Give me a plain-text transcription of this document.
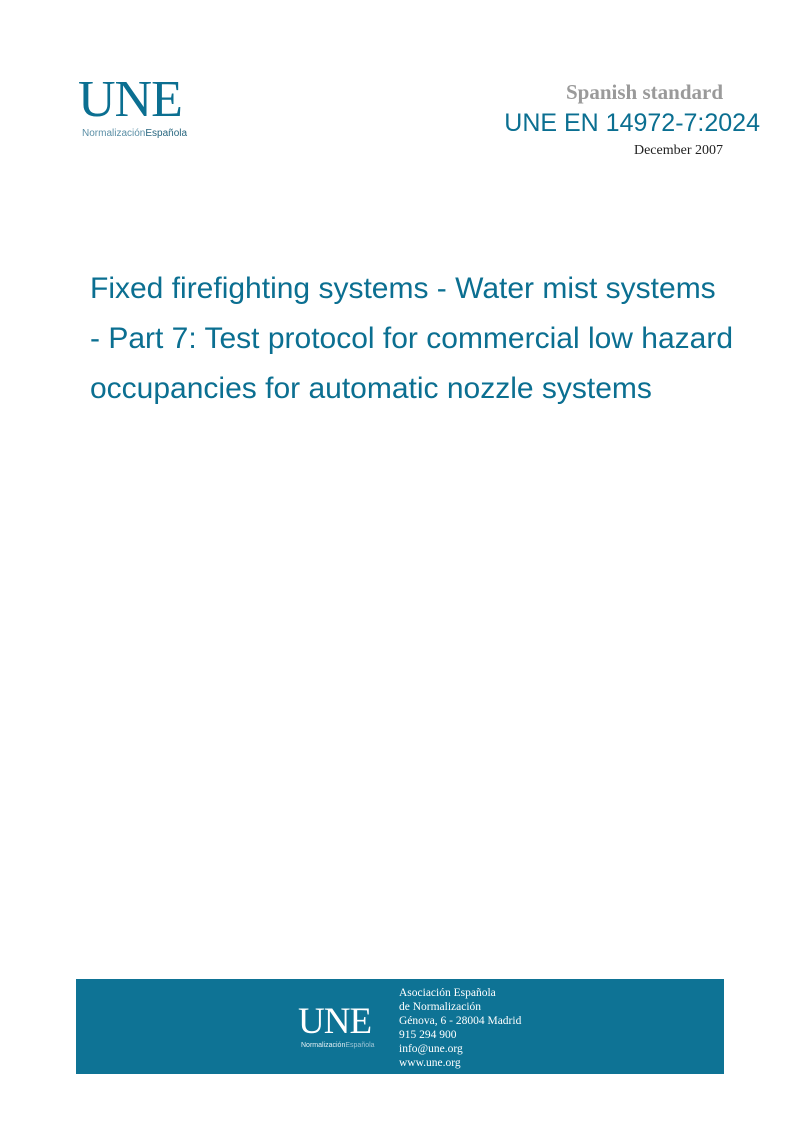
UNE
NormalizaciónEspañola
Spanish standard
UNE EN 14972-7:2024
December 2007
Fixed firefighting systems - Water mist systems
- Part 7: Test protocol for commercial low hazard
occupancies for automatic nozzle systems
UNE
NormalizaciónEspañola
Asociación Española
de Normalización
Génova, 6 - 28004 Madrid
915 294 900
info@une.org
www.une.org
